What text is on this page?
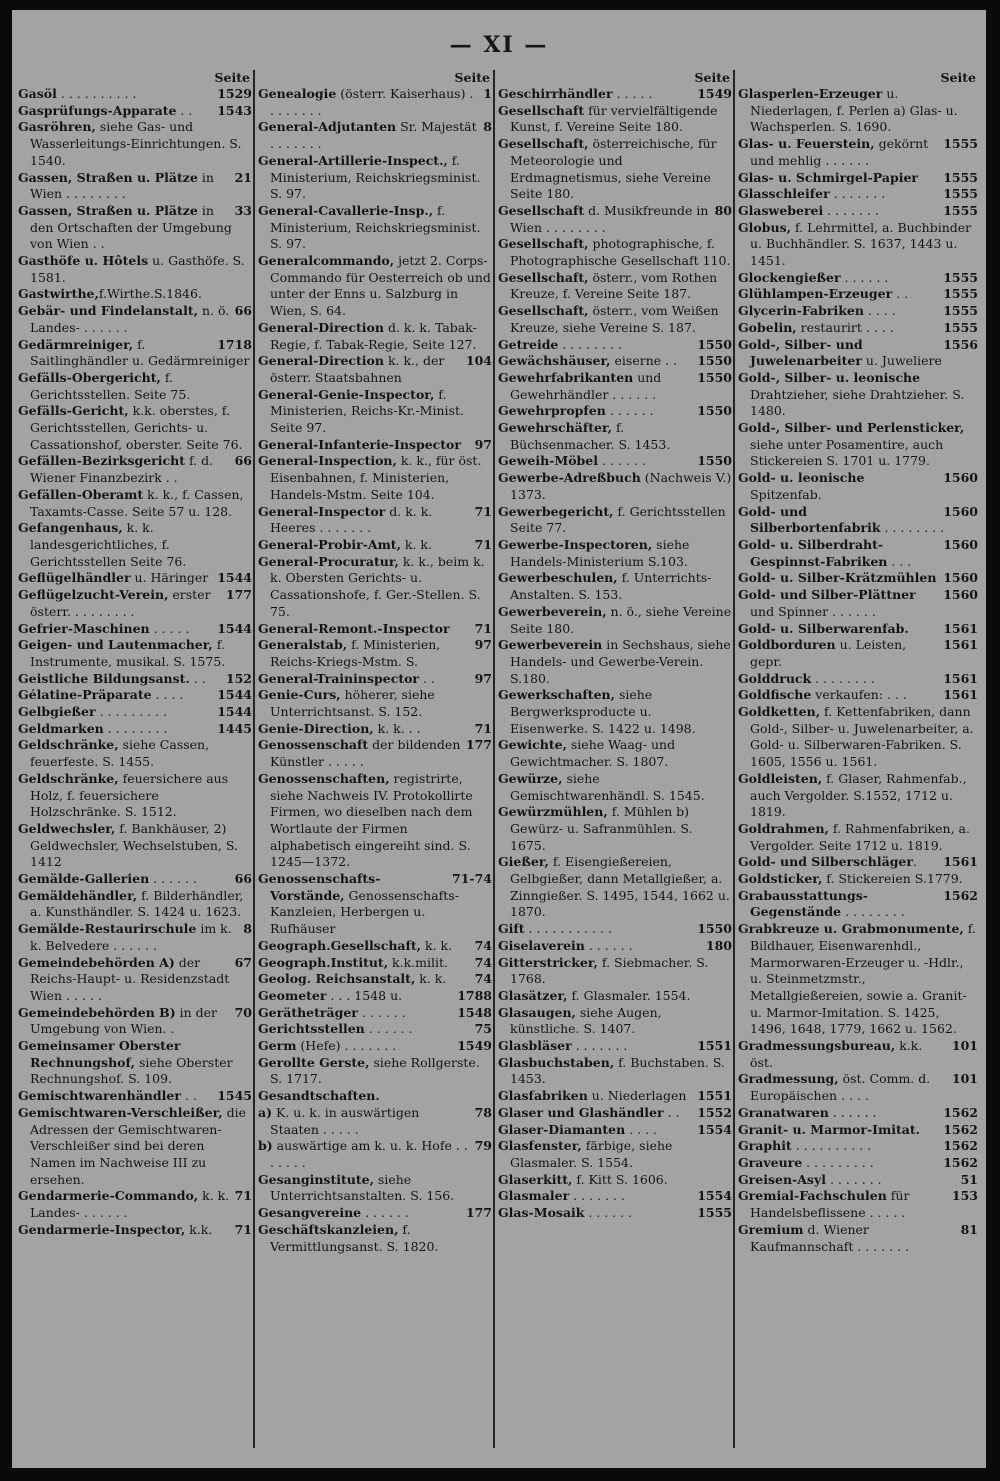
— XI —
Seite
1529
Gasöl . . . . . . . . . .
1543
Gasprüfungs-Apparate . .
Gasröhren, siehe Gas- und Wasserleitungs-Einrichtungen. S. 1540.
21
Gassen, Straßen u. Plätze in Wien . . . . . . . .
33
Gassen, Straßen u. Plätze in den Ortschaften der Umgebung von Wien . .
Gasthöfe u. Hôtels u. Gasthöfe. S. 1581.
Gastwirthe,f.Wirthe.S.1846.
66
Gebär- und Findelanstalt, n. ö. Landes- . . . . . .
1718
Gedärmreiniger, f. Saitlinghändler u. Gedärmreiniger
Gefälls-Obergericht, f. Gerichtsstellen. Seite 75.
Gefälls-Gericht, k.k. oberstes, f. Gerichtsstellen, Gerichts- u. Cassationshof, oberster. Seite 76.
66
Gefällen-Bezirksgericht f. d. Wiener Finanzbezirk . .
Gefällen-Oberamt k. k., f. Cassen, Taxamts-Casse. Seite 57 u. 128.
Gefangenhaus, k. k. landesgerichtliches, f. Gerichtsstellen Seite 76.
1544
Geflügelhändler u. Häringer
177
Geflügelzucht-Verein, erster österr. . . . . . . . .
1544
Gefrier-Maschinen . . . . .
Geigen- und Lautenmacher, f. Instrumente, musikal. S. 1575.
152
Geistliche Bildungsanst. . .
1544
Gélatine-Präparate . . . .
1544
Gelbgießer . . . . . . . . .
1445
Geldmarken . . . . . . . .
Geldschränke, siehe Cassen, feuerfeste. S. 1455.
Geldschränke, feuersichere aus Holz, f. feuersichere Holzschränke. S. 1512.
Geldwechsler, f. Bankhäuser, 2) Geldwechsler, Wechselstuben, S. 1412
66
Gemälde-Gallerien . . . . . .
Gemäldehändler, f. Bilderhändler, a. Kunsthändler. S. 1424 u. 1623.
8
Gemälde-Restaurirschule im k. k. Belvedere . . . . . .
67
Gemeindebehörden A) der Reichs-Haupt- u. Residenzstadt Wien . . . . .
70
Gemeindebehörden B) in der Umgebung von Wien. .
Gemeinsamer Oberster Rechnungshof, siehe Oberster Rechnungshof. S. 109.
1545
Gemischtwarenhändler . .
Gemischtwaren-Verschleißer, die Adressen der Gemischtwaren-Verschleißer sind bei deren Namen im Nachweise III zu ersehen.
71
Gendarmerie-Commando, k. k. Landes- . . . . . .
71
Gendarmerie-Inspector, k.k.
Seite
1
Genealogie (österr. Kaiserhaus) . . . . . . . .
8
General-Adjutanten Sr. Majestät . . . . . . .
General-Artillerie-Inspect., f. Ministerium, Reichskriegsminist. S. 97.
General-Cavallerie-Insp., f. Ministerium, Reichskriegsminist. S. 97.
Generalcommando, jetzt 2. Corps-Commando für Oesterreich ob und unter der Enns u. Salzburg in Wien, S. 64.
General-Direction d. k. k. Tabak-Regie, f. Tabak-Regie, Seite 127.
104
General-Direction k. k., der österr. Staatsbahnen
General-Genie-Inspector, f. Ministerien, Reichs-Kr.-Minist. Seite 97.
97
General-Infanterie-Inspector
General-Inspection, k. k., für öst. Eisenbahnen, f. Ministerien, Handels-Mstm. Seite 104.
71
General-Inspector d. k. k. Heeres . . . . . . .
71
General-Probir-Amt, k. k.
General-Procuratur, k. k., beim k. k. Obersten Gerichts- u. Cassationshofe, f. Ger.-Stellen. S. 75.
71
General-Remont.-Inspector
97
Generalstab, f. Ministerien, Reichs-Kriegs-Mstm. S.
97
General-Traininspector . .
Genie-Curs, höherer, siehe Unterrichtsanst. S. 152.
71
Genie-Direction, k. k. . .
177
Genossenschaft der bildenden Künstler . . . . .
Genossenschaften, registrirte, siehe Nachweis IV. Protokollirte Firmen, wo dieselben nach dem Wortlaute der Firmen alphabetisch eingereiht sind. S. 1245—1372.
71-74
Genossenschafts-Vorstände, Genossenschafts-Kanzleien, Herbergen u. Rufhäuser
74
Geograph.Gesellschaft, k. k.
74
Geograph.Institut, k.k.milit.
74
Geolog. Reichsanstalt, k. k.
1788
Geometer . . . 1548 u.
1548
Gerätheträger . . . . . .
75
Gerichtsstellen . . . . . .
1549
Germ (Hefe) . . . . . . .
Gerollte Gerste, siehe Rollgerste. S. 1717.
Gesandtschaften.
78
a) K. u. k. in auswärtigen Staaten . . . . .
79
b) auswärtige am k. u. k. Hofe . . . . . . .
Gesanginstitute, siehe Unterrichtsanstalten. S. 156.
177
Gesangvereine . . . . . .
Geschäftskanzleien, f. Vermittlungsanst. S. 1820.
Seite
1549
Geschirrhändler . . . . .
Gesellschaft für vervielfältigende Kunst, f. Vereine Seite 180.
Gesellschaft, österreichische, für Meteorologie und Erdmagnetismus, siehe Vereine Seite 180.
80
Gesellschaft d. Musikfreunde in Wien . . . . . . . .
Gesellschaft, photographische, f. Photographische Gesellschaft 110.
Gesellschaft, österr., vom Rothen Kreuze, f. Vereine Seite 187.
Gesellschaft, österr., vom Weißen Kreuze, siehe Vereine S. 187.
1550
Getreide . . . . . . . .
1550
Gewächshäuser, eiserne . .
1550
Gewehrfabrikanten und Gewehrhändler . . . . . .
1550
Gewehrpropfen . . . . . .
Gewehrschäfter, f. Büchsenmacher. S. 1453.
1550
Geweih-Möbel . . . . . .
Gewerbe-Adreßbuch (Nachweis V.) 1373.
Gewerbegericht, f. Gerichtsstellen Seite 77.
Gewerbe-Inspectoren, siehe Handels-Ministerium S.103.
Gewerbeschulen, f. Unterrichts-Anstalten. S. 153.
Gewerbeverein, n. ö., siehe Vereine Seite 180.
Gewerbeverein in Sechshaus, siehe Handels- und Gewerbe-Verein. S.180.
Gewerkschaften, siehe Bergwerksproducte u. Eisenwerke. S. 1422 u. 1498.
Gewichte, siehe Waag- und Gewichtmacher. S. 1807.
Gewürze, siehe Gemischtwarenhändl. S. 1545.
Gewürzmühlen, f. Mühlen b) Gewürz- u. Safranmühlen. S. 1675.
Gießer, f. Eisengießereien, Gelbgießer, dann Metallgießer, a. Zinngießer. S. 1495, 1544, 1662 u. 1870.
1550
Gift . . . . . . . . . . .
180
Giselaverein . . . . . .
Gitterstricker, f. Siebmacher. S. 1768.
Glasätzer, f. Glasmaler. 1554.
Glasaugen, siehe Augen, künstliche. S. 1407.
1551
Glasbläser . . . . . . .
Glasbuchstaben, f. Buchstaben. S. 1453.
1551
Glasfabriken u. Niederlagen
1552
Glaser und Glashändler . .
1554
Glaser-Diamanten . . . .
Glasfenster, färbige, siehe Glasmaler. S. 1554.
Glaserkitt, f. Kitt S. 1606.
1554
Glasmaler . . . . . . .
1555
Glas-Mosaik . . . . . .
Seite
Glasperlen-Erzeuger u. Niederlagen, f. Perlen a) Glas- u. Wachsperlen. S. 1690.
1555
Glas- u. Feuerstein, gekörnt und mehlig . . . . . .
1555
Glas- u. Schmirgel-Papier
1555
Glasschleifer . . . . . . .
1555
Glasweberei . . . . . . .
Globus, f. Lehrmittel, a. Buchbinder u. Buchhändler. S. 1637, 1443 u. 1451.
1555
Glockengießer . . . . . .
1555
Glühlampen-Erzeuger . .
1555
Glycerin-Fabriken . . . .
1555
Gobelin, restaurirt . . . .
1556
Gold-, Silber- und Juwelenarbeiter u. Juweliere
Gold-, Silber- u. leonische Drahtzieher, siehe Drahtzieher. S. 1480.
Gold-, Silber- und Perlensticker, siehe unter Posamentire, auch Stickereien S. 1701 u. 1779.
1560
Gold- u. leonische Spitzenfab.
1560
Gold- und Silberbortenfabrik . . . . . . . .
1560
Gold- u. Silberdraht-Gespinnst-Fabriken . . .
1560
Gold- u. Silber-Krätzmühlen
1560
Gold- und Silber-Plättner und Spinner . . . . . .
1561
Gold- u. Silberwarenfab.
1561
Goldborduren u. Leisten, gepr.
1561
Golddruck . . . . . . . .
1561
Goldfische verkaufen: . . .
Goldketten, f. Kettenfabriken, dann Gold-, Silber- u. Juwelenarbeiter, a. Gold- u. Silberwaren-Fabriken. S. 1605, 1556 u. 1561.
Goldleisten, f. Glaser, Rahmenfab., auch Vergolder. S.1552, 1712 u. 1819.
Goldrahmen, f. Rahmenfabriken, a. Vergolder. Seite 1712 u. 1819.
1561
Gold- und Silberschläger.
Goldsticker, f. Stickereien S.1779.
1562
Grabausstattungs-Gegenstände . . . . . . . .
Grabkreuze u. Grabmonumente, f. Bildhauer, Eisenwarenhdl., Marmorwaren-Erzeuger u. -Hdlr., u. Steinmetzmstr., Metallgießereien, sowie a. Granit- u. Marmor-Imitation. S. 1425, 1496, 1648, 1779, 1662 u. 1562.
101
Gradmessungsbureau, k.k. öst.
101
Gradmessung, öst. Comm. d. Europäischen . . . .
1562
Granatwaren . . . . . .
1562
Granit- u. Marmor-Imitat.
1562
Graphit . . . . . . . . . .
1562
Graveure . . . . . . . . .
51
Greisen-Asyl . . . . . . .
153
Gremial-Fachschulen für Handelsbeflissene . . . . .
81
Gremium d. Wiener Kaufmannschaft . . . . . . .
